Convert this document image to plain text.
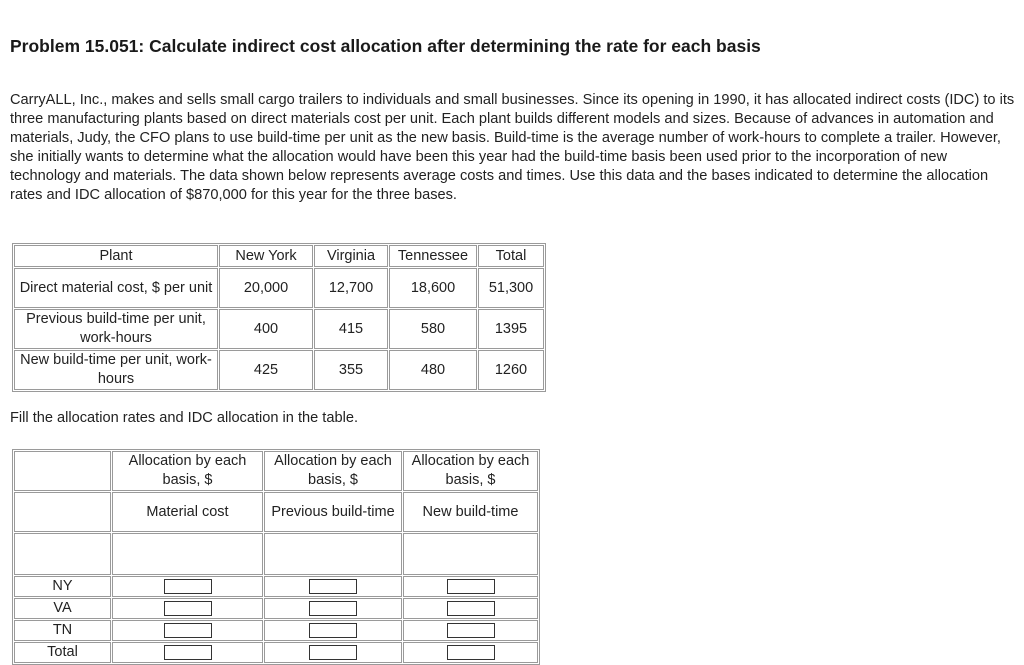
Problem 15.051: Calculate indirect cost allocation after determining the rate for each basis
CarryALL, Inc., makes and sells small cargo trailers to individuals and small businesses. Since its opening in 1990, it has allocated indirect costs (IDC) to its three manufacturing plants based on direct materials cost per unit. Each plant builds different models and sizes. Because of advances in automation and materials, Judy, the CFO plans to use build-time per unit as the new basis. Build-time is the average number of work-hours to complete a trailer. However, she initially wants to determine what the allocation would have been this year had the build-time basis been used prior to the incorporation of new technology and materials. The data shown below represents average costs and times. Use this data and the bases indicated to determine the allocation rates and IDC allocation of $870,000 for this year for the three bases.
Plant	New York	Virginia	Tennessee	Total
Direct material cost, $ per unit	20,000	12,700	18,600	51,300
Previous build-time per unit, work-hours	400	415	580	1395
New build-time per unit, work-hours	425	355	480	1260
Fill the allocation rates and IDC allocation in the table.
	Allocation by each basis, $	Allocation by each basis, $	Allocation by each basis, $
	Material cost	Previous build-time	New build-time

NY			
VA			
TN			
Total			
